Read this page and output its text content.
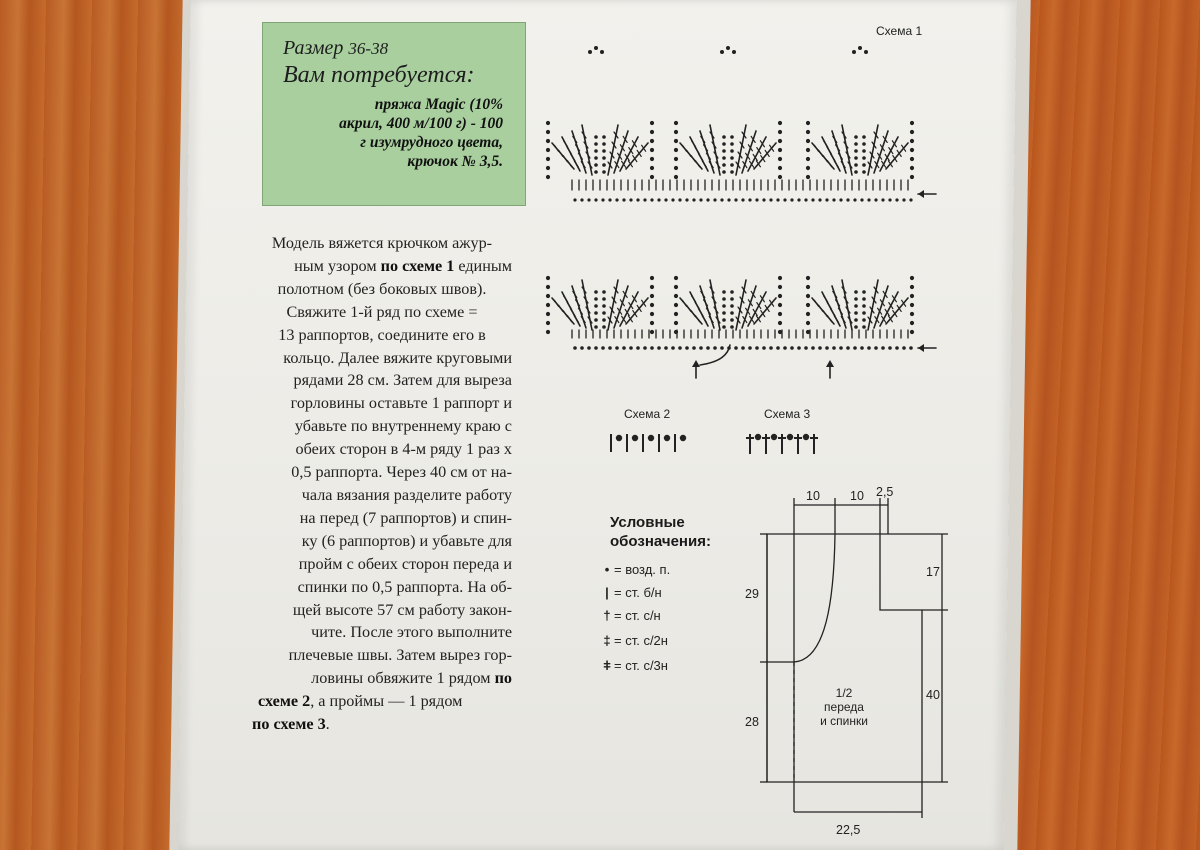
Размер 36-38
Вам потребуется:
пряжа Magic (10%
акрил, 400 м/100 г) - 100
г изумрудного цвета,
крючок № 3,5.
Модель вяжется крючком ажур-
ным узором по схеме 1 единым
полотном (без боковых швов).
Свяжите 1-й ряд по схеме =
13 раппортов, соедините его в
кольцо. Далее вяжите круговыми
рядами 28 см. Затем для выреза
горловины оставьте 1 раппорт и
убавьте по внутреннему краю с
обеих сторон в 4-м ряду 1 раз х
0,5 раппорта. Через 40 см от на-
чала вязания разделите работу
на перед (7 раппортов) и спин-
ку (6 раппортов) и убавьте для
пройм с обеих сторон переда и
спинки по 0,5 раппорта. На об-
щей высоте 57 см работу закон-
чите. После этого выполните
плечевые швы. Затем вырез гор-
ловины обвяжите 1 рядом по
схеме 2, а проймы — 1 рядом
по схеме 3.
Схема 1
Схема 2	Схема 3
Условные
обозначения:
• = возд. п.
| = ст. б/н
† = ст. с/н
‡ = ст. с/2н
ǂ = ст. с/3н
10 10 2,5
29
28
17
40
22,5
1/2
переда
и спинки
